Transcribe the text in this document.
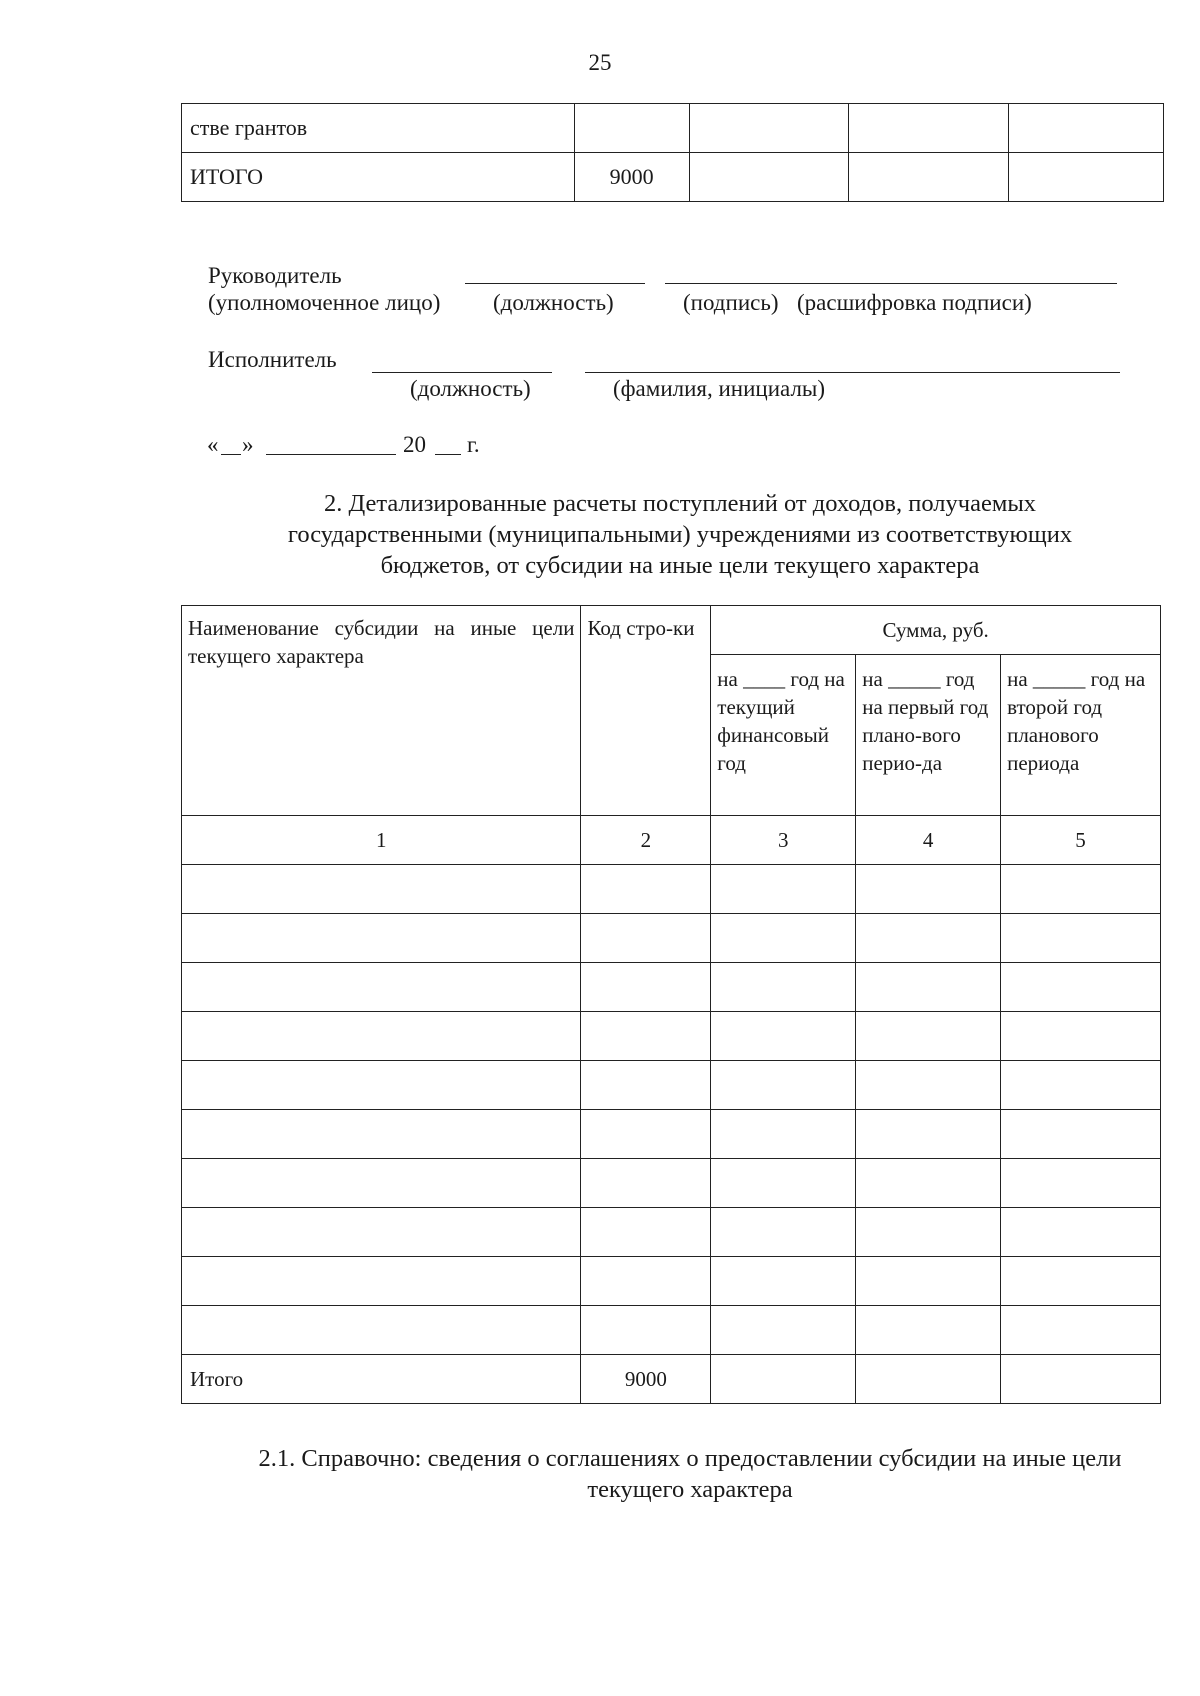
25
стве грантов				
ИТОГО	9000			
Руководитель
(уполномоченное лицо) (должность)	(подпись) (расшифровка подписи)
Исполнитель
(должность)	(фамилия, инициалы)
« »	20 г.
2. Детализированные расчеты поступлений от доходов, получаемых
государственными (муниципальными) учреждениями из соответствующих
бюджетов, от субсидии на иные цели текущего характера
Наименование субсидии на иные цели текущего характера	Код стро-ки	Сумма, руб.		
		на ____ год на текущий финансовый год	на _____ год на первый год плано-вого перио-да	на _____ год на второй год планового периода
1	2	3	4	5

Итого	9000			
2.1. Справочно: сведения о соглашениях о предоставлении субсидии на иные цели
текущего характера
